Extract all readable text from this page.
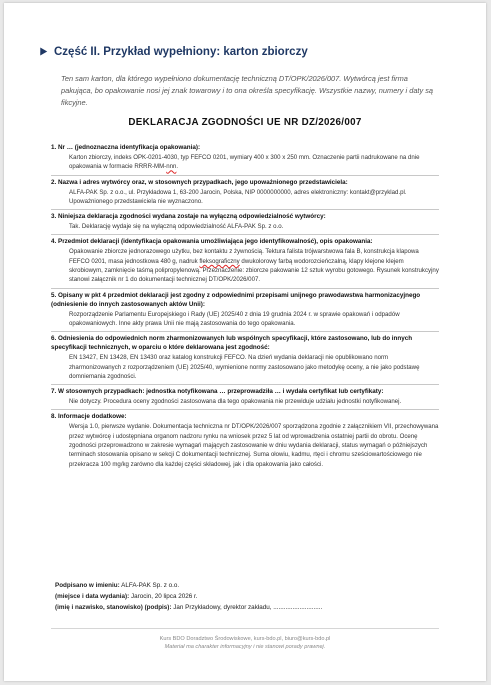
Część II. Przykład wypełniony: karton zbiorczy
Ten sam karton, dla którego wypełniono dokumentację techniczną DT/OPK/2026/007. Wytwórcą jest firma pakująca, bo opakowanie nosi jej znak towarowy i to ona określa specyfikację. Wszystkie nazwy, numery i daty są fikcyjne.
DEKLARACJA ZGODNOŚCI UE NR DZ/2026/007
1. Nr … (jednoznaczna identyfikacja opakowania):
Karton zbiorczy, indeks OPK-0201-4030, typ FEFCO 0201, wymiary 400 x 300 x 250 mm. Oznaczenie partii nadrukowane na dnie opakowania w formacie RRRR-MM-nnn.
2. Nazwa i adres wytwórcy oraz, w stosownych przypadkach, jego upoważnionego przedstawiciela:
ALFA-PAK Sp. z o.o., ul. Przykładowa 1, 63-200 Jarocin, Polska, NIP 0000000000, adres elektroniczny: kontakt@przyklad.pl. Upoważnionego przedstawiciela nie wyznaczono.
3. Niniejsza deklaracja zgodności wydana zostaje na wyłączną odpowiedzialność wytwórcy:
Tak. Deklarację wydaje się na wyłączną odpowiedzialność ALFA-PAK Sp. z o.o.
4. Przedmiot deklaracji (identyfikacja opakowania umożliwiająca jego identyfikowalność), opis opakowania:
Opakowanie zbiorcze jednorazowego użytku, bez kontaktu z żywnością. Tektura falista trójwarstwowa fala B, konstrukcja klapowa FEFCO 0201, masa jednostkowa 480 g, nadruk fleksograficzny dwukolorowy farbą wodorozcieńczalną, klapy klejone klejem skrobiowym, zamknięcie taśmą polipropylenową. Przeznaczenie: zbiorcze pakowanie 12 sztuk wyrobu gotowego. Rysunek konstrukcyjny stanowi załącznik nr 1 do dokumentacji technicznej DT/OPK/2026/007.
5. Opisany w pkt 4 przedmiot deklaracji jest zgodny z odpowiednimi przepisami unijnego prawodawstwa harmonizacyjnego (odniesienie do innych zastosowanych aktów Unii):
Rozporządzenie Parlamentu Europejskiego i Rady (UE) 2025/40 z dnia 19 grudnia 2024 r. w sprawie opakowań i odpadów opakowaniowych. Inne akty prawa Unii nie mają zastosowania do tego opakowania.
6. Odniesienia do odpowiednich norm zharmonizowanych lub wspólnych specyfikacji, które zastosowano, lub do innych specyfikacji technicznych, w oparciu o które deklarowana jest zgodność:
EN 13427, EN 13428, EN 13430 oraz katalog konstrukcji FEFCO. Na dzień wydania deklaracji nie opublikowano norm zharmonizowanych z rozporządzeniem (UE) 2025/40, wymienione normy zastosowano jako metodykę oceny, a nie jako podstawę domniemania zgodności.
7. W stosownych przypadkach: jednostka notyfikowana … przeprowadziła … i wydała certyfikat lub certyfikaty:
Nie dotyczy. Procedura oceny zgodności zastosowana dla tego opakowania nie przewiduje udziału jednostki notyfikowanej.
8. Informacje dodatkowe:
Wersja 1.0, pierwsze wydanie. Dokumentacja techniczna nr DT/OPK/2026/007 sporządzona zgodnie z załącznikiem VII, przechowywana przez wytwórcę i udostępniana organom nadzoru rynku na wniosek przez 5 lat od wprowadzenia ostatniej partii do obrotu. Ocenę zgodności przeprowadzono w zakresie wymagań mających zastosowanie w dniu wydania deklaracji, status wymagań o późniejszych terminach stosowania opisano w sekcji C dokumentacji technicznej. Suma ołowiu, kadmu, rtęci i chromu sześciowartościowego nie przekracza 100 mg/kg zarówno dla każdej części składowej, jak i dla opakowania jako całości.
Podpisano w imieniu: ALFA-PAK Sp. z o.o.
(miejsce i data wydania): Jarocin, 20 lipca 2026 r.
(imię i nazwisko, stanowisko) (podpis): Jan Przykładowy, dyrektor zakładu, ............................
Kurs BDO Doradztwo Środowiskowe, kurs-bdo.pl, biuro@kurs-bdo.pl
Materiał ma charakter informacyjny i nie stanowi porady prawnej.
